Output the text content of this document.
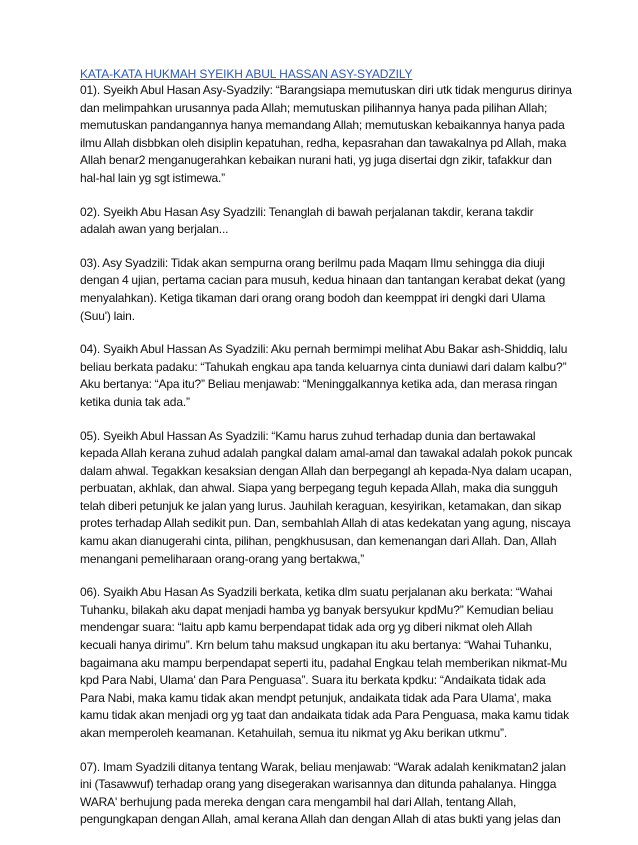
KATA-KATA HUKMAH SYEIKH ABUL HASSAN ASY-SYADZILY
01). Syeikh Abul Hasan Asy-Syadzily: “Barangsiapa memutuskan diri utk tidak mengurus dirinya
dan melimpahkan urusannya pada Allah; memutuskan pilihannya hanya pada pilihan Allah;
memutuskan pandangannya hanya memandang Allah; memutuskan kebaikannya hanya pada
ilmu Allah disbbkan oleh disiplin kepatuhan, redha, kepasrahan dan tawakalnya pd Allah, maka
Allah benar2 menganugerahkan kebaikan nurani hati, yg juga disertai dgn zikir, tafakkur dan
hal-hal lain yg sgt istimewa.”
02). Syeikh Abu Hasan Asy Syadzili: Tenanglah di bawah perjalanan takdir, kerana takdir
adalah awan yang berjalan...
03). Asy Syadzili: Tidak akan sempurna orang berilmu pada Maqam Ilmu sehingga dia diuji
dengan 4 ujian, pertama cacian para musuh, kedua hinaan dan tantangan kerabat dekat (yang
menyalahkan). Ketiga tikaman dari orang orang bodoh dan keemppat iri dengki dari Ulama
(Suu') lain.
04). Syaikh Abul Hassan As Syadzili: Aku pernah bermimpi melihat Abu Bakar ash-Shiddiq, lalu
beliau berkata padaku: “Tahukah engkau apa tanda keluarnya cinta duniawi dari dalam kalbu?”
Aku bertanya: “Apa itu?” Beliau menjawab: “Meninggalkannya ketika ada, dan merasa ringan
ketika dunia tak ada.”
05). Syeikh Abul Hassan As Syadzili: “Kamu harus zuhud terhadap dunia dan bertawakal
kepada Allah kerana zuhud adalah pangkal dalam amal-amal dan tawakal adalah pokok puncak
dalam ahwal. Tegakkan kesaksian dengan Allah dan berpegangl ah kepada-Nya dalam ucapan,
perbuatan, akhlak, dan ahwal. Siapa yang berpegang teguh kepada Allah, maka dia sungguh
telah diberi petunjuk ke jalan yang lurus. Jauhilah keraguan, kesyirikan, ketamakan, dan sikap
protes terhadap Allah sedikit pun. Dan, sembahlah Allah di atas kedekatan yang agung, niscaya
kamu akan dianugerahi cinta, pilihan, pengkhususan, dan kemenangan dari Allah. Dan, Allah
menangani pemeliharaan orang-orang yang bertakwa,”
06). Syaikh Abu Hasan As Syadzili berkata, ketika dlm suatu perjalanan aku berkata: “Wahai
Tuhanku, bilakah aku dapat menjadi hamba yg banyak bersyukur kpdMu?” Kemudian beliau
mendengar suara: “laitu apb kamu berpendapat tidak ada org yg diberi nikmat oleh Allah
kecuali hanya dirimu”. Krn belum tahu maksud ungkapan itu aku bertanya: “Wahai Tuhanku,
bagaimana aku mampu berpendapat seperti itu, padahal Engkau telah memberikan nikmat-Mu
kpd Para Nabi, Ulama' dan Para Penguasa”. Suara itu berkata kpdku: “Andaikata tidak ada
Para Nabi, maka kamu tidak akan mendpt petunjuk, andaikata tidak ada Para Ulama', maka
kamu tidak akan menjadi org yg taat dan andaikata tidak ada Para Penguasa, maka kamu tidak
akan memperoleh keamanan. Ketahuilah, semua itu nikmat yg Aku berikan utkmu”.
07). Imam Syadzili ditanya tentang Warak, beliau menjawab: “Warak adalah kenikmatan2 jalan
ini (Tasawwuf) terhadap orang yang disegerakan warisannya dan ditunda pahalanya. Hingga
WARA' berhujung pada mereka dengan cara mengambil hal dari Allah, tentang Allah,
pengungkapan dengan Allah, amal kerana Allah dan dengan Allah di atas bukti yang jelas dan
